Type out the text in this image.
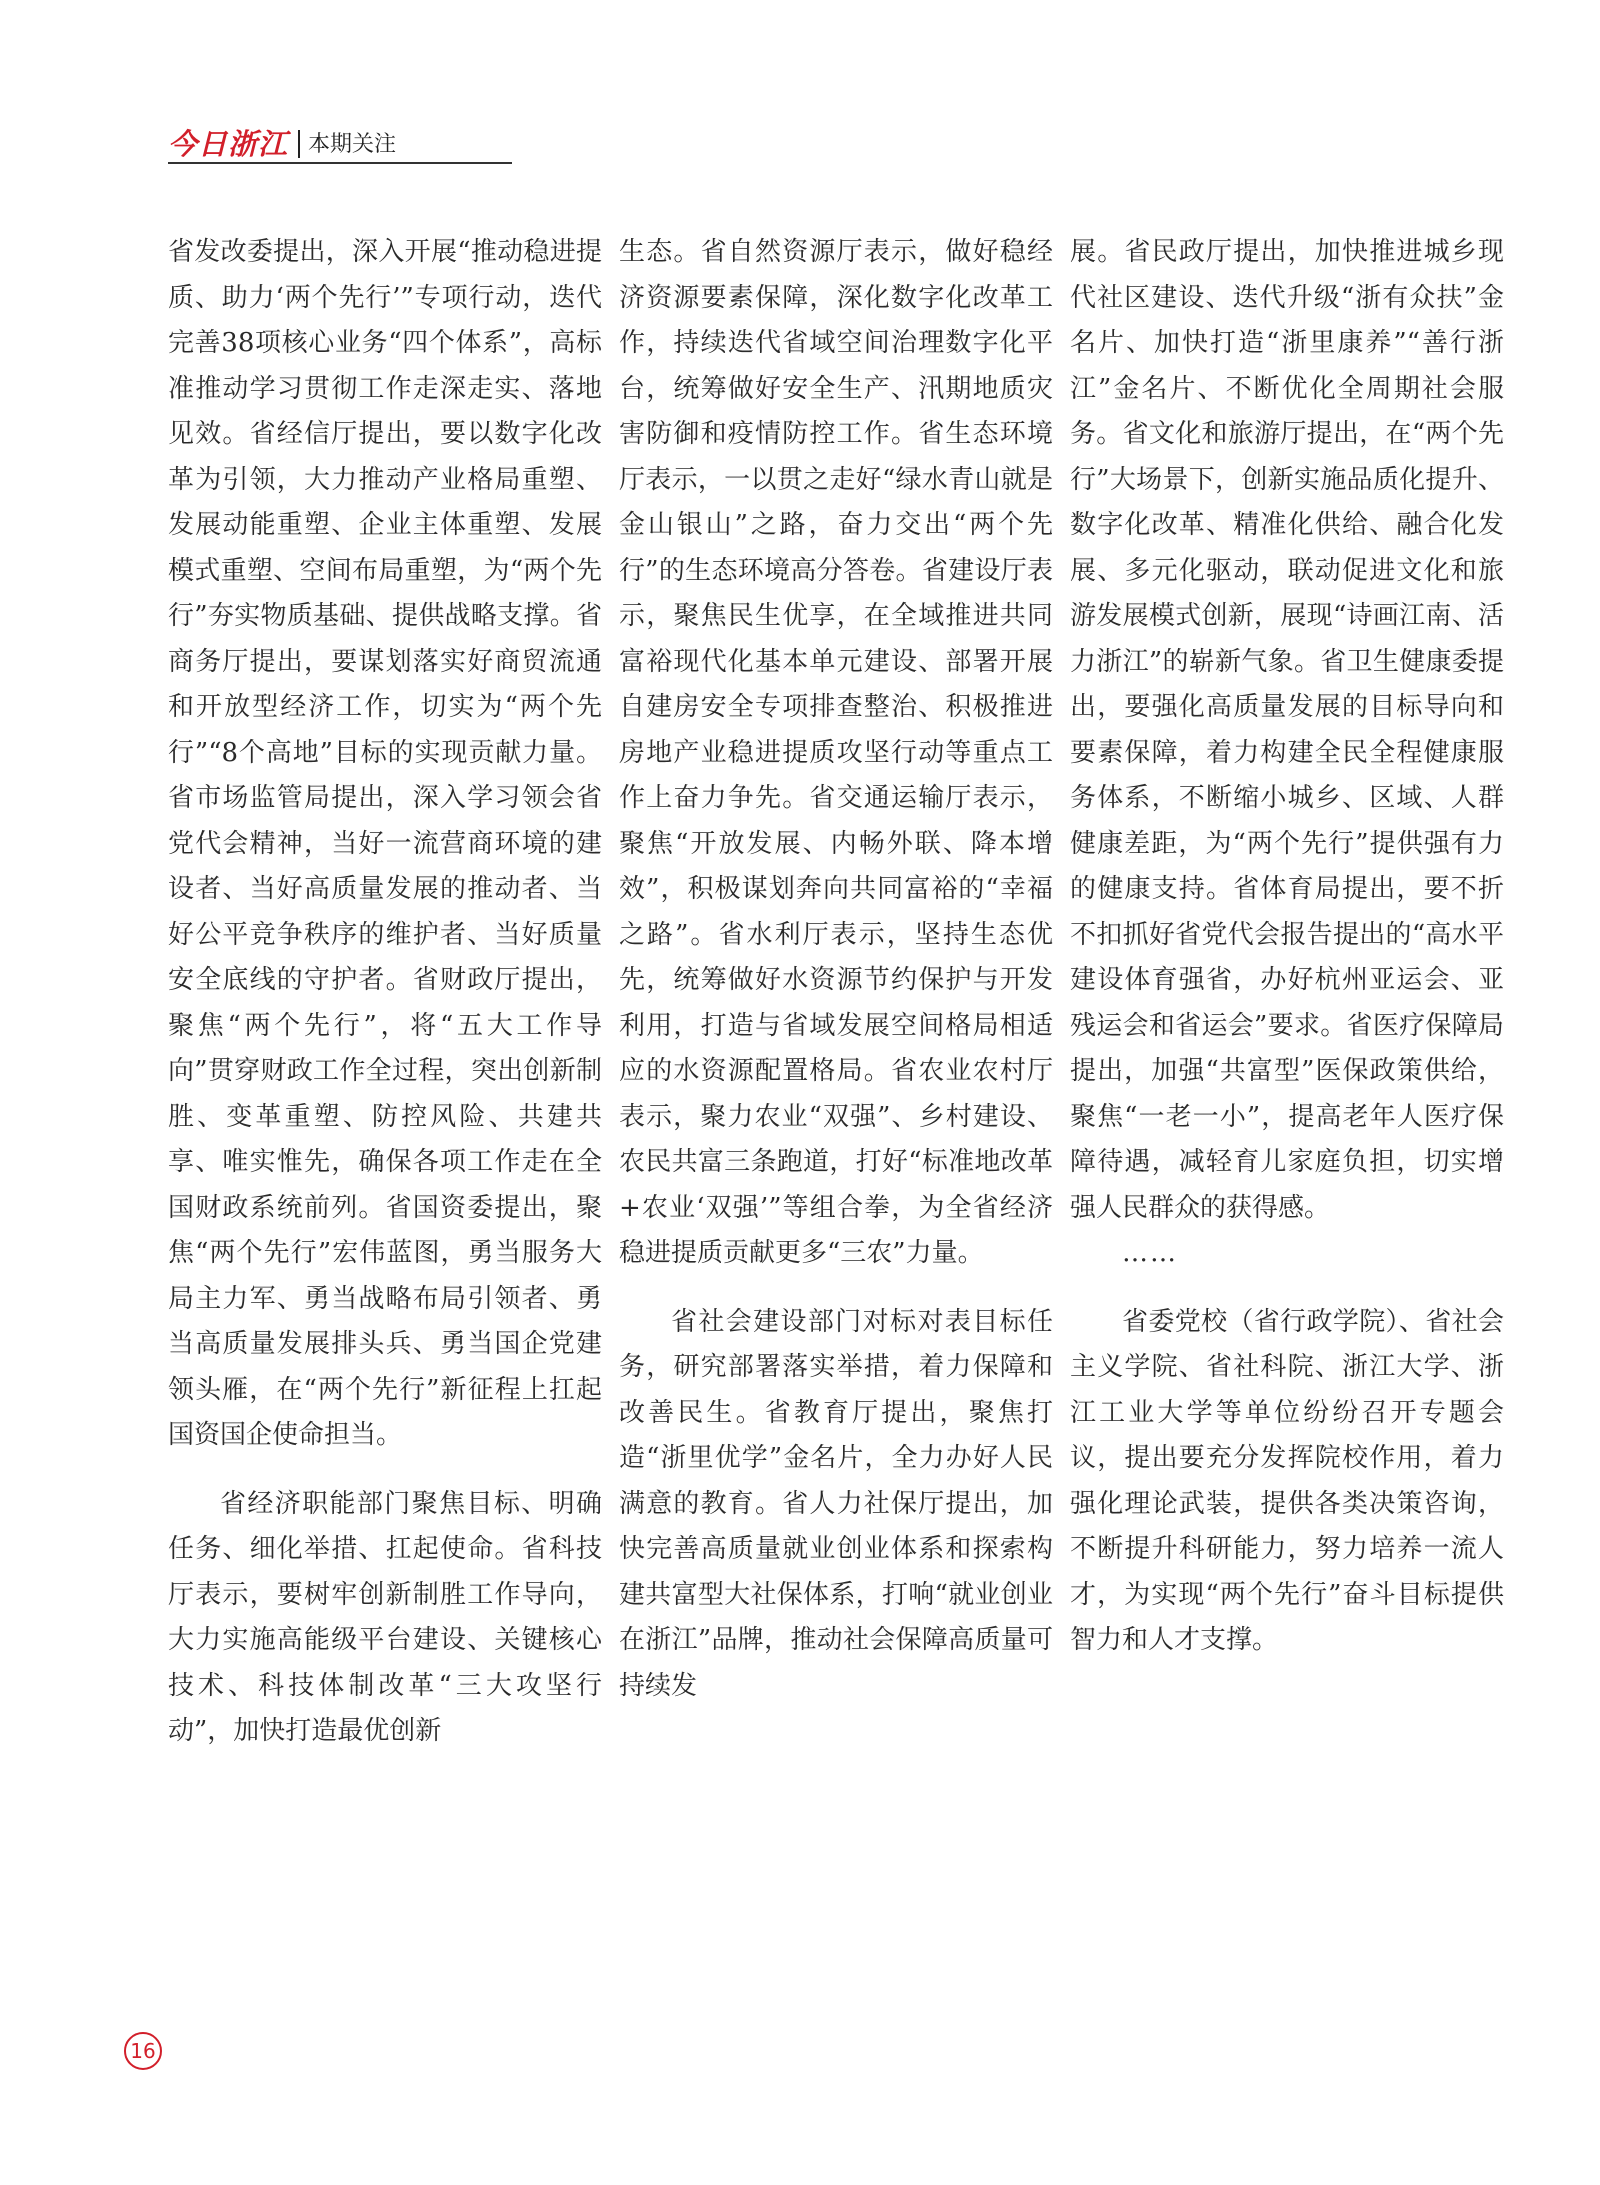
今日浙江 本期关注

省发改委提出，深入开展“推动稳进提质、助力‘两个先行’”专项行动，迭代完善38项核心业务“四个体系”，高标准推动学习贯彻工作走深走实、落地见效。省经信厅提出，要以数字化改革为引领，大力推动产业格局重塑、发展动能重塑、企业主体重塑、发展模式重塑、空间布局重塑，为“两个先行”夯实物质基础、提供战略支撑。省商务厅提出，要谋划落实好商贸流通和开放型经济工作，切实为“两个先行”“8个高地”目标的实现贡献力量。省市场监管局提出，深入学习领会省党代会精神，当好一流营商环境的建设者、当好高质量发展的推动者、当好公平竞争秩序的维护者、当好质量安全底线的守护者。省财政厅提出，聚焦“两个先行”，将“五大工作导向”贯穿财政工作全过程，突出创新制胜、变革重塑、防控风险、共建共享、唯实惟先，确保各项工作走在全国财政系统前列。省国资委提出，聚焦“两个先行”宏伟蓝图，勇当服务大局主力军、勇当战略布局引领者、勇当高质量发展排头兵、勇当国企党建领头雁，在“两个先行”新征程上扛起国资国企使命担当。

省经济职能部门聚焦目标、明确任务、细化举措、扛起使命。省科技厅表示，要树牢创新制胜工作导向，大力实施高能级平台建设、关键核心技术、科技体制改革“三大攻坚行动”，加快打造最优创新

生态。省自然资源厅表示，做好稳经济资源要素保障，深化数字化改革工作，持续迭代省域空间治理数字化平台，统筹做好安全生产、汛期地质灾害防御和疫情防控工作。省生态环境厅表示，一以贯之走好“绿水青山就是金山银山”之路，奋力交出“两个先行”的生态环境高分答卷。省建设厅表示，聚焦民生优享，在全域推进共同富裕现代化基本单元建设、部署开展自建房安全专项排查整治、积极推进房地产业稳进提质攻坚行动等重点工作上奋力争先。省交通运输厅表示，聚焦“开放发展、内畅外联、降本增效”，积极谋划奔向共同富裕的“幸福之路”。省水利厅表示，坚持生态优先，统筹做好水资源节约保护与开发利用，打造与省域发展空间格局相适应的水资源配置格局。省农业农村厅表示，聚力农业“双强”、乡村建设、农民共富三条跑道，打好“标准地改革+农业‘双强’”等组合拳，为全省经济稳进提质贡献更多“三农”力量。

省社会建设部门对标对表目标任务，研究部署落实举措，着力保障和改善民生。省教育厅提出，聚焦打造“浙里优学”金名片，全力办好人民满意的教育。省人力社保厅提出，加快完善高质量就业创业体系和探索构建共富型大社保体系，打响“就业创业在浙江”品牌，推动社会保障高质量可持续发

展。省民政厅提出，加快推进城乡现代社区建设、迭代升级“浙有众扶”金名片、加快打造“浙里康养”“善行浙江”金名片、不断优化全周期社会服务。省文化和旅游厅提出，在“两个先行”大场景下，创新实施品质化提升、数字化改革、精准化供给、融合化发展、多元化驱动，联动促进文化和旅游发展模式创新，展现“诗画江南、活力浙江”的崭新气象。省卫生健康委提出，要强化高质量发展的目标导向和要素保障，着力构建全民全程健康服务体系，不断缩小城乡、区域、人群健康差距，为“两个先行”提供强有力的健康支持。省体育局提出，要不折不扣抓好省党代会报告提出的“高水平建设体育强省，办好杭州亚运会、亚残运会和省运会”要求。省医疗保障局提出，加强“共富型”医保政策供给，聚焦“一老一小”，提高老年人医疗保障待遇，减轻育儿家庭负担，切实增强人民群众的获得感。

……

省委党校（省行政学院）、省社会主义学院、省社科院、浙江大学、浙江工业大学等单位纷纷召开专题会议，提出要充分发挥院校作用，着力强化理论武装，提供各类决策咨询，不断提升科研能力，努力培养一流人才，为实现“两个先行”奋斗目标提供智力和人才支撑。

16
